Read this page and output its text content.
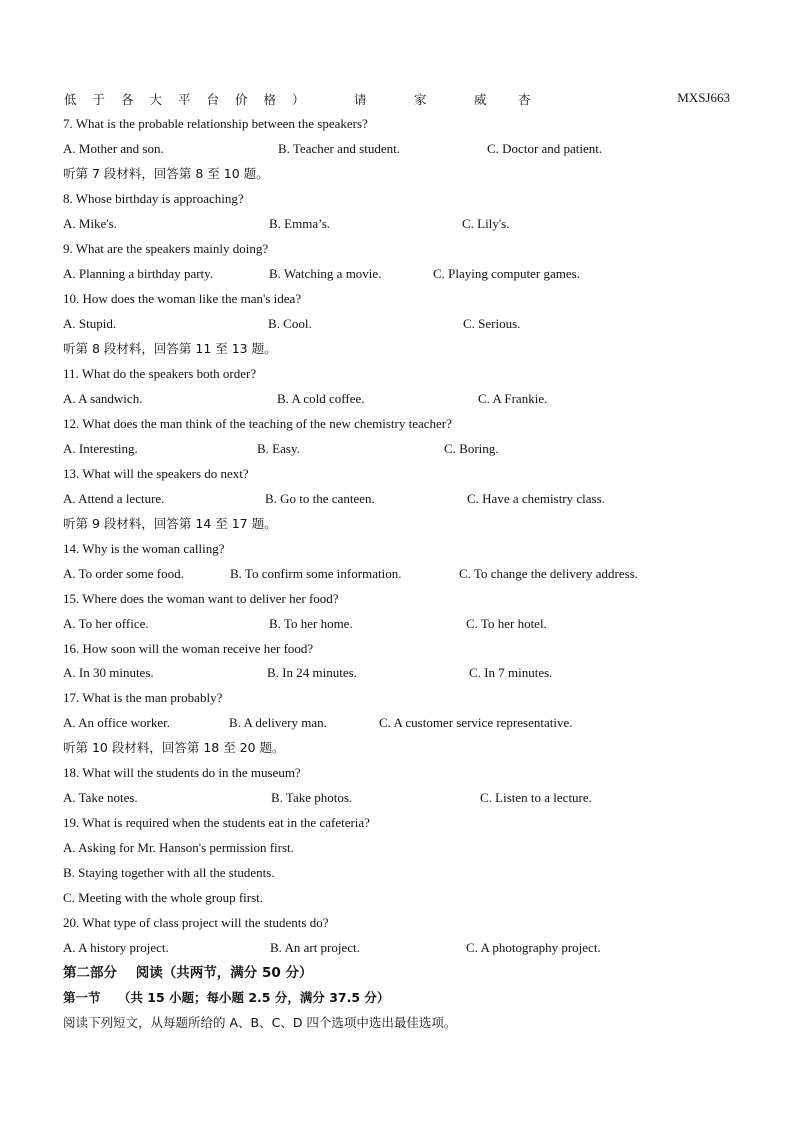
低于各大平台价格）	请	家	威	杏	MXSJ663
7. What is the probable relationship between the speakers?
A. Mother and son.	B. Teacher and student.	C. Doctor and patient.
听第 7 段材料，回答第 8 至 10 题。
8. Whose birthday is approaching?
A. Mike's.	B. Emma’s.	C. Lily's.
9. What are the speakers mainly doing?
A. Planning a birthday party.	B. Watching a movie.	C. Playing computer games.
10. How does the woman like the man's idea?
A. Stupid.	B. Cool.	C. Serious.
听第 8 段材料，回答第 11 至 13 题。
11. What do the speakers both order?
A. A sandwich.	B. A cold coffee.	C. A Frankie.
12. What does the man think of the teaching of the new chemistry teacher?
A. Interesting.	B. Easy.	C. Boring.
13. What will the speakers do next?
A. Attend a lecture.	B. Go to the canteen.	C. Have a chemistry class.
听第 9 段材料，回答第 14 至 17 题。
14. Why is the woman calling?
A. To order some food.	B. To confirm some information.	C. To change the delivery address.
15. Where does the woman want to deliver her food?
A. To her office.	B. To her home.	C. To her hotel.
16. How soon will the woman receive her food?
A. In 30 minutes.	B. In 24 minutes.	C. In 7 minutes.
17. What is the man probably?
A. An office worker.	B. A delivery man.	C. A customer service representative.
听第 10 段材料，回答第 18 至 20 题。
18. What will the students do in the museum?
A. Take notes.	B. Take photos.	C. Listen to a lecture.
19. What is required when the students eat in the cafeteria?
A. Asking for Mr. Hanson's permission first.
B. Staying together with all the students.
C. Meeting with the whole group first.
20. What type of class project will the students do?
A. A history project.	B. An art project.	C. A photography project.
第二部分    阅读（共两节，满分 50 分）
第一节    （共 15 小题；每小题 2.5 分，满分 37.5 分）
阅读下列短文，从每题所给的 A、B、C、D 四个选项中选出最佳选项。
